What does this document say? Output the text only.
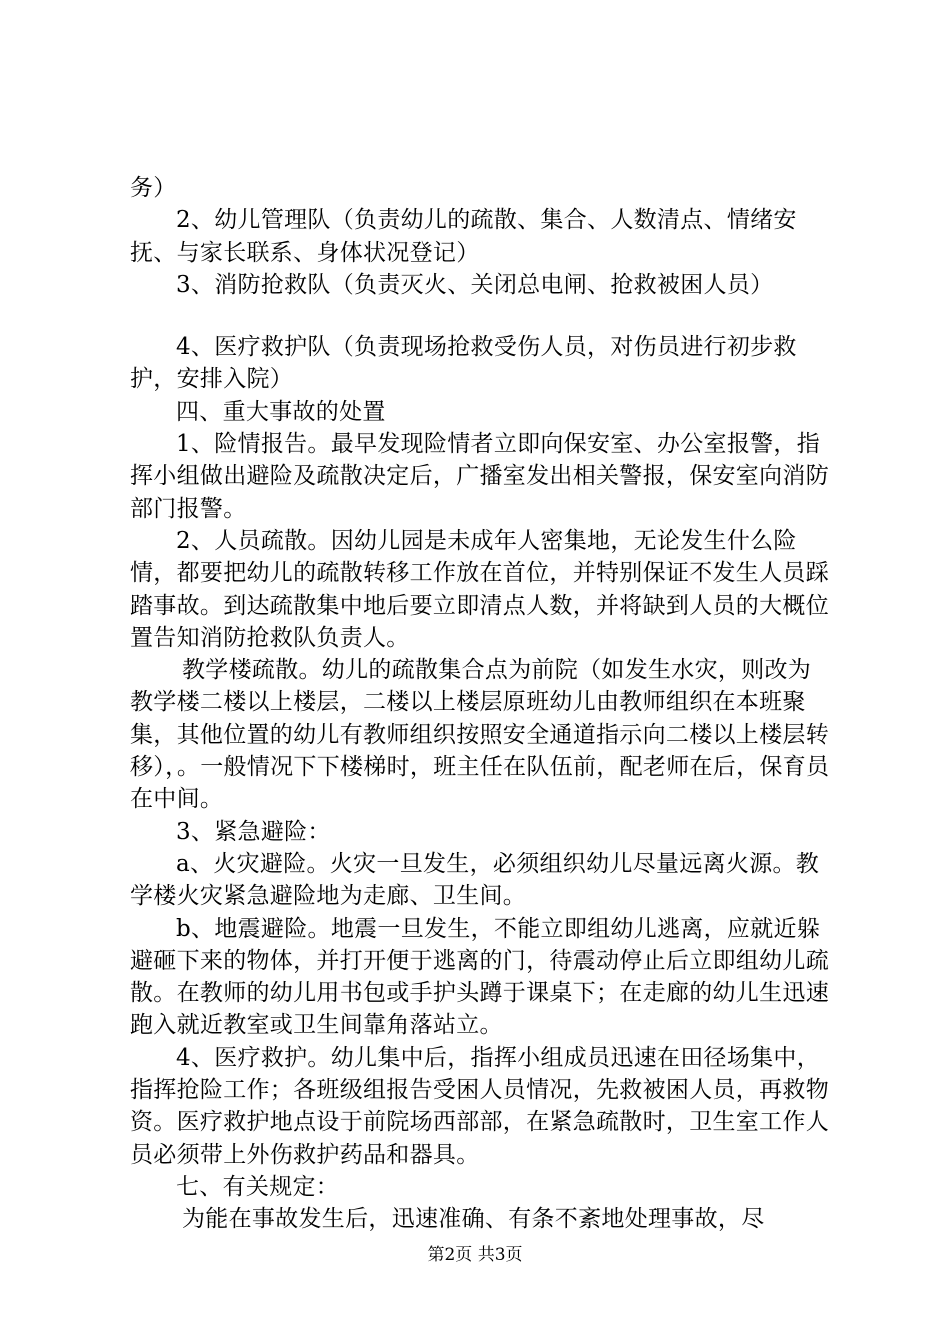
务）

2、幼儿管理队（负责幼儿的疏散、集合、人数清点、情绪安抚、与家长联系、身体状况登记）

3、消防抢救队（负责灭火、关闭总电闸、抢救被困人员）

4、医疗救护队（负责现场抢救受伤人员，对伤员进行初步救护，安排入院）

四、重大事故的处置

1、险情报告。最早发现险情者立即向保安室、办公室报警，指挥小组做出避险及疏散决定后，广播室发出相关警报，保安室向消防部门报警。

2、人员疏散。因幼儿园是未成年人密集地，无论发生什么险情，都要把幼儿的疏散转移工作放在首位，并特别保证不发生人员踩踏事故。到达疏散集中地后要立即清点人数，并将缺到人员的大概位置告知消防抢救队负责人。

教学楼疏散。幼儿的疏散集合点为前院（如发生水灾，则改为教学楼二楼以上楼层，二楼以上楼层原班幼儿由教师组织在本班聚集，其他位置的幼儿有教师组织按照安全通道指示向二楼以上楼层转移），。一般情况下下楼梯时，班主任在队伍前，配老师在后，保育员在中间。

3、紧急避险：

a、火灾避险。火灾一旦发生，必须组织幼儿尽量远离火源。教学楼火灾紧急避险地为走廊、卫生间。

b、地震避险。地震一旦发生，不能立即组幼儿逃离，应就近躲避砸下来的物体，并打开便于逃离的门，待震动停止后立即组幼儿疏散。在教师的幼儿用书包或手护头蹲于课桌下；在走廊的幼儿生迅速跑入就近教室或卫生间靠角落站立。

4、医疗救护。幼儿集中后，指挥小组成员迅速在田径场集中，指挥抢险工作；各班级组报告受困人员情况，先救被困人员，再救物资。医疗救护地点设于前院场西部部，在紧急疏散时，卫生室工作人员必须带上外伤救护药品和器具。

七、有关规定：

为能在事故发生后，迅速准确、有条不紊地处理事故，尽

第2页 共3页
